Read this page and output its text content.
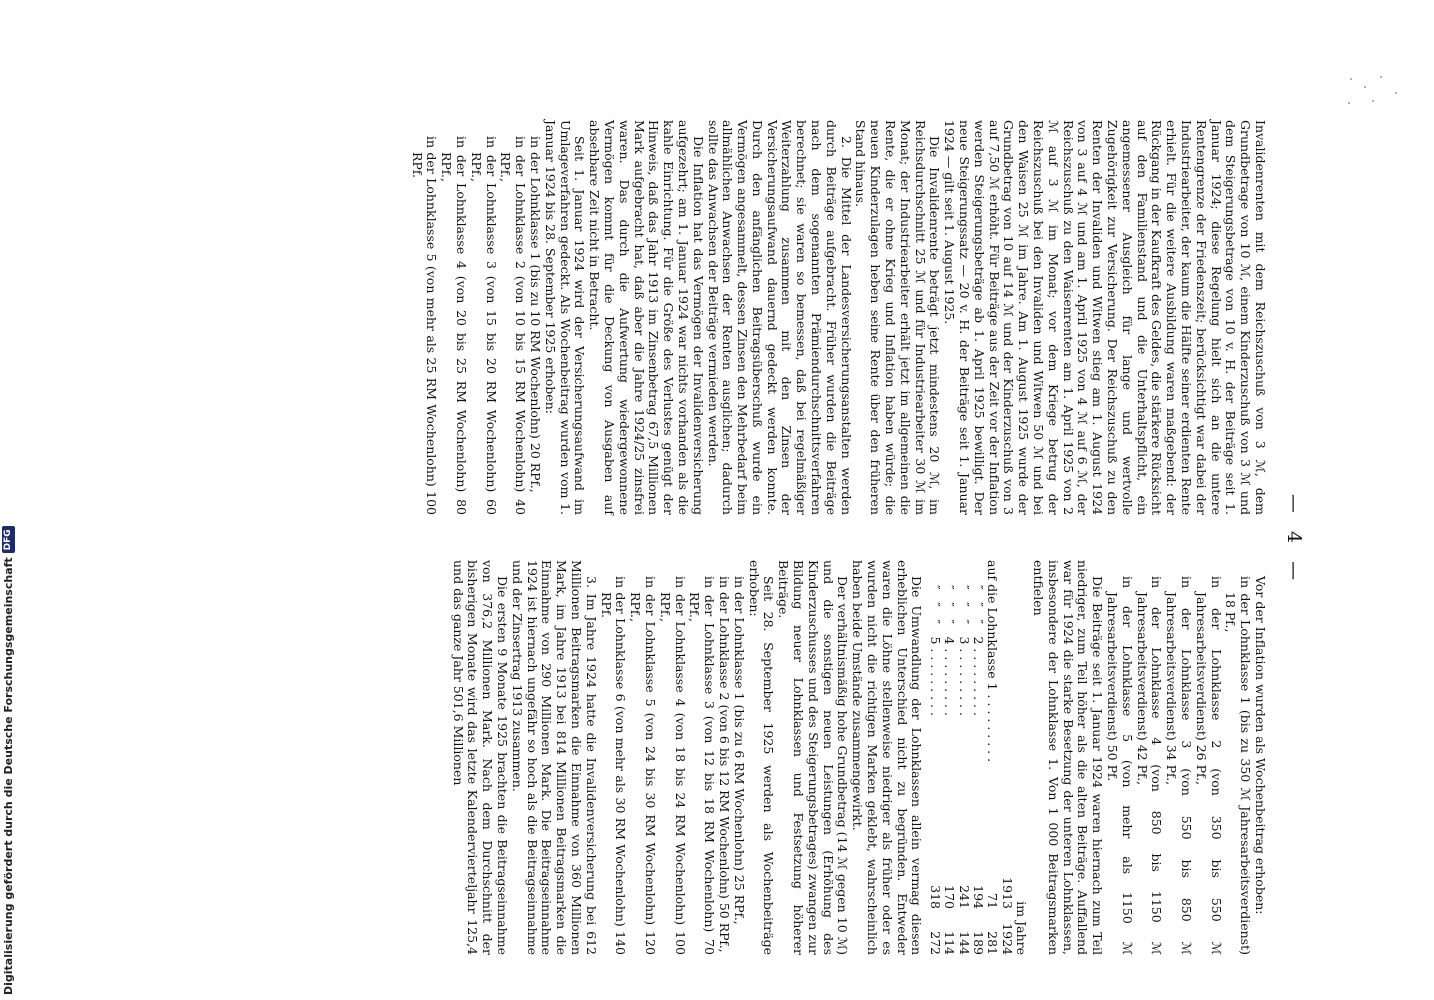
— 4 —

Invalidenrenten mit dem Reichszuschuß von 3 ℳ, dem Grundbetrage von 10 ℳ, einem Kinderzuschuß von 3 ℳ und dem Steigerungsbetrage von 10 v. H. der Beiträge seit 1. Januar 1924; diese Regelung hielt sich an die untere Rentengrenze der Friedenszeit; berücksichtigt war dabei der Industriearbeiter, der kaum die Hälfte seiner erdienten Rente erhielt. Für die weitere Ausbildung waren maßgebend: der Rückgang in der Kaufkraft des Geldes, die stärkere Rücksicht auf den Familienstand und die Unterhaltspflicht, ein angemessener Ausgleich für lange und wertvolle Zugehörigkeit zur Versicherung. Der Reichszuschuß zu den Renten der Invaliden und Witwen stieg am 1. August 1924 von 3 auf 4 ℳ und am 1. April 1925 von 4 ℳ auf 6 ℳ, der Reichszuschuß zu den Waisenrenten am 1. April 1925 von 2 ℳ auf 3 ℳ im Monat; vor dem Kriege betrug der Reichszuschuß bei den Invaliden und Witwen 50 ℳ und bei den Waisen 25 ℳ im Jahre. Am 1. August 1925 wurde der Grundbetrag von 10 auf 14 ℳ und der Kinderzuschuß von 3 auf 7,50 ℳ erhöht. Für Beiträge aus der Zeit vor der Inflation werden Steigerungsbeträge ab 1. April 1925 bewilligt. Der neue Steigerungssatz — 20 v. H. der Beiträge seit 1. Januar 1924 — gilt seit 1. August 1925.

Die Invalidenrente beträgt jetzt mindestens 20 ℳ, im Reichsdurchschnitt 25 ℳ und für Industriearbeiter 30 ℳ im Monat; der Industriearbeiter erhält jetzt im allgemeinen die Rente, die er ohne Krieg und Inflation haben würde; die neuen Kinderzulagen heben seine Rente über den früheren Stand hinaus.

2. Die Mittel der Landesversicherungsanstalten werden durch Beiträge aufgebracht. Früher wurden die Beiträge nach dem sogenannten Prämiendurchschnittsverfahren berechnet; sie waren so bemessen, daß bei regelmäßiger Weiterzahlung zusammen mit den Zinsen der Versicherungsaufwand dauernd gedeckt werden konnte. Durch den anfänglichen Beitragsüberschuß wurde ein Vermögen angesammelt, dessen Zinsen den Mehrbedarf beim allmählichen Anwachsen der Renten ausglichen; dadurch sollte das Anwachsen der Beiträge vermieden werden.

Die Inflation hat das Vermögen der Invalidenversicherung aufgezehrt; am 1. Januar 1924 war nichts vorhanden als die kahle Einrichtung. Für die Größe des Verlustes genügt der Hinweis, daß das Jahr 1913 im Zinsenbetrag 67,5 Millionen Mark aufgebracht hat, daß aber die Jahre 1924/25 zinsfrei waren. Das durch die Aufwertung wiedergewonnene Vermögen kommt für die Deckung von Ausgaben auf absehbare Zeit nicht in Betracht.

Seit 1. Januar 1924 wird der Versicherungsaufwand im Umlageverfahren gedeckt. Als Wochenbeitrag wurden vom 1. Januar 1924 bis 28. September 1925 erhoben:

in der Lohnklasse 1 (bis zu 10 RM Wochenlohn) 20 RPf.,
in der Lohnklasse 2 (von 10 bis 15 RM Wochenlohn) 40 RPf.,
in der Lohnklasse 3 (von 15 bis 20 RM Wochenlohn) 60 RPf.,
in der Lohnklasse 4 (von 20 bis 25 RM Wochenlohn) 80 RPf.,
in der Lohnklasse 5 (von mehr als 25 RM Wochenlohn) 100 RPf.

Vor der Inflation wurden als Wochenbeitrag erhoben:

in der Lohnklasse 1 (bis zu 350 ℳ Jahresarbeitsverdienst) 18 Pf.,
in der Lohnklasse 2 (von 350 bis 550 ℳ Jahresarbeitsverdienst) 26 Pf.,
in der Lohnklasse 3 (von 550 bis 850 ℳ Jahresarbeitsverdienst) 34 Pf.,
in der Lohnklasse 4 (von 850 bis 1150 ℳ Jahresarbeitsverdienst) 42 Pf.,
in der Lohnklasse 5 (von mehr als 1150 ℳ Jahresarbeitsverdienst) 50 Pf.

Die Beiträge seit 1. Januar 1924 waren hiernach zum Teil niedriger, zum Teil höher als die alten Beiträge. Auffallend war für 1924 die starke Besetzung der unteren Lohnklassen, insbesondere der Lohnklasse 1. Von 1 000 Beitragsmarken entfielen

	im Jahre	
	1913	1924
auf die Lohnklasse 1 . . . . . . . . .	71	281
  ″ ″ ″ 2 . . . . . . . . .	194	189
  ″ ″ ″ 3 . . . . . . . . .	241	144
  ″ ″ ″ 4 . . . . . . . . .	170	114
  ″ ″ ″ 5 . . . . . . . . .	318	272

Die Umwandlung der Lohnklassen allein vermag diesen erheblichen Unterschied nicht zu begründen. Entweder waren die Löhne stellenweise niedriger als früher oder es wurden nicht die richtigen Marken geklebt, wahrscheinlich haben beide Umstände zusammengewirkt.

Der verhältnismäßig hohe Grundbetrag (14 ℳ gegen 10 ℳ) und die sonstigen neuen Leistungen (Erhöhung des Kinderzuschusses und des Steigerungsbetrages) zwangen zur Bildung neuer Lohnklassen und Festsetzung höherer Beiträge.

Seit 28. September 1925 werden als Wochenbeiträge erhoben:

in der Lohnklasse 1 (bis zu 6 RM Wochenlohn) 25 RPf.,
in der Lohnklasse 2 (von 6 bis 12 RM Wochenlohn) 50 RPf.,
in der Lohnklasse 3 (von 12 bis 18 RM Wochenlohn) 70 RPf.,
in der Lohnklasse 4 (von 18 bis 24 RM Wochenlohn) 100 RPf.,
in der Lohnklasse 5 (von 24 bis 30 RM Wochenlohn) 120 RPf.,
in der Lohnklasse 6 (von mehr als 30 RM Wochenlohn) 140 RPf.

3. Im Jahre 1924 hatte die Invalidenversicherung bei 612 Millionen Beitragsmarken die Einnahme von 360 Millionen Mark, im Jahre 1913 bei 814 Millionen Beitragsmarken die Einnahme von 290 Millionen Mark. Die Beitragseinnahme 1924 ist hiernach ungefähr so hoch als die Beitragseinnahme und der Zinsertrag 1913 zusammen.

Die ersten 9 Monate 1925 brachten die Beitragseinnahme von 376,2 Millionen Mark. Nach dem Durchschnitt der bisherigen Monate wird das letzte Kalendervierteljahr 125,4 und das ganze Jahr 501,6 Millionen

Digitalisierung gefördert durch die Deutsche Forschungsgemeinschaft
DFG
